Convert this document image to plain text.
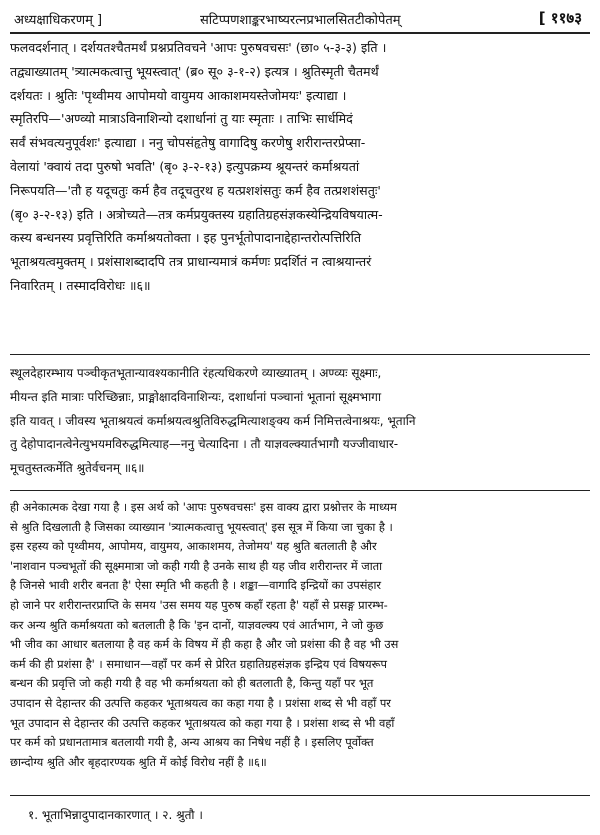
अध्यक्षाधिकरणम् ]	सटिप्पणशाङ्करभाष्यरत्नप्रभालसितटीकोपेतम्	[ ११७३
फलवदर्शनात् । दर्शयतश्चैतमर्थं प्रश्नप्रतिवचने 'आपः पुरुषवचसः' (छा० ५-३-३) इति ।
तद्व्याख्यातम् 'त्र्यात्मकत्वात्तु भूयस्त्वात्' (ब्र० सू० ३-१-२) इत्यत्र । श्रुतिस्मृती चैतमर्थं
दर्शयतः । श्रुतिः 'पृथ्वीमय आपोमयो वायुमय आकाशमयस्तेजोमयः' इत्याद्या ।
स्मृतिरपि—'अण्व्यो मात्राऽविनाशिन्यो दशार्धानां तु याः स्मृताः । ताभिः सार्धमिदं
सर्वं संभवत्यनुपूर्वशः' इत्याद्या । ननु चोपसंहृतेषु वागादिषु करणेषु शरीरान्तरप्रेप्सा-
वेलायां 'क्वायं तदा पुरुषो भवति' (बृ० ३-२-१३) इत्युपक्रम्य श्रूयन्तरं कर्माश्रयतां
निरूपयति—'तौ ह यदूचतुः कर्म हैव तदूचतुरथ ह यत्प्रशशंसतुः कर्म हैव तत्प्रशशंसतुः'
(बृ० ३-२-१३) इति । अत्रोच्यते—तत्र कर्मप्रयुक्तस्य ग्रहातिग्रहसंज्ञकस्येन्द्रियविषयात्म-
कस्य बन्धनस्य प्रवृत्तिरिति कर्माश्रयतोक्ता । इह पुनर्भूतोपादानाद्देहान्तरोत्पत्तिरिति
भूताश्रयत्वमुक्तम् । प्रशंसाशब्दादपि तत्र प्राधान्यमात्रं कर्मणः प्रदर्शितं न त्वाश्रयान्तरं
निवारितम् । तस्मादविरोधः ॥६॥
स्थूलदेहारम्भाय पञ्चीकृतभूतान्यावश्यकानीति रंहत्यधिकरणे व्याख्यातम् । अण्व्यः सूक्ष्माः,
मीयन्त इति मात्राः परिच्छिन्नाः, प्राङ्मोक्षादविनाशिन्यः, दशार्धानां पञ्चानां भूतानां सूक्ष्मभागा
इति यावत् । जीवस्य भूताश्रयत्वं कर्माश्रयत्वश्रुतिविरुद्धमित्याशङ्क्य कर्म निमित्तत्वेनाश्रयः, भूतानि
तु देहोपादानत्वेनेत्युभयमविरुद्धमित्याह—ननु चेत्यादिना । तौ याज्ञवल्क्यार्तभागौ यज्जीवाधार-
मूचतुस्तत्कर्मेति श्रुतेर्वचनम् ॥६॥
ही अनेकात्मक देखा गया है । इस अर्थ को 'आपः पुरुषवचसः' इस वाक्य द्वारा प्रश्नोत्तर के माध्यम
से श्रुति दिखलाती है जिसका व्याख्यान 'त्र्यात्मकत्वात्तु भूयस्त्वात्' इस सूत्र में किया जा चुका है ।
इस रहस्य को पृथ्वीमय, आपोमय, वायुमय, आकाशमय, तेजोमय' यह श्रुति बतलाती है और
'नाशवान पञ्चभूतों की सूक्ष्ममात्रा जो कही गयी है उनके साथ ही यह जीव शरीरान्तर में जाता
है जिनसे भावी शरीर बनता है' ऐसा स्मृति भी कहती है । शङ्का—वागादि इन्द्रियों का उपसंहार
हो जाने पर शरीरान्तरप्राप्ति के समय 'उस समय यह पुरुष कहाँ रहता है' यहाँ से प्रसङ्ग प्रारम्भ-
कर अन्य श्रुति कर्माश्रयता को बतलाती है कि 'इन दानों, याज्ञवल्क्य एवं आर्तभाग, ने जो कुछ
भी जीव का आधार बतलाया है वह कर्म के विषय में ही कहा है और जो प्रशंसा की है वह भी उस
कर्म की ही प्रशंसा है' । समाधान—वहाँ पर कर्म से प्रेरित ग्रहातिग्रहसंज्ञक इन्द्रिय एवं विषयरूप
बन्धन की प्रवृत्ति जो कही गयी है वह भी कर्माश्रयता को ही बतलाती है, किन्तु यहाँ पर भूत
उपादान से देहान्तर की उत्पत्ति कहकर भूताश्रयत्व का कहा गया है । प्रशंसा शब्द से भी वहाँ पर
भूत उपादान से देहान्तर की उत्पत्ति कहकर भूताश्रयत्व को कहा गया है । प्रशंसा शब्द से भी वहाँ
पर कर्म को प्रधानतामात्र बतलायी गयी है, अन्य आश्रय का निषेध नहीं है । इसलिए पूर्वोक्त
छान्दोग्य श्रुति और बृहदारण्यक श्रुति में कोई विरोध नहीं है ॥६॥
१. भूताभिन्नादुपादानकारणात् । २. श्रुतौ ।
